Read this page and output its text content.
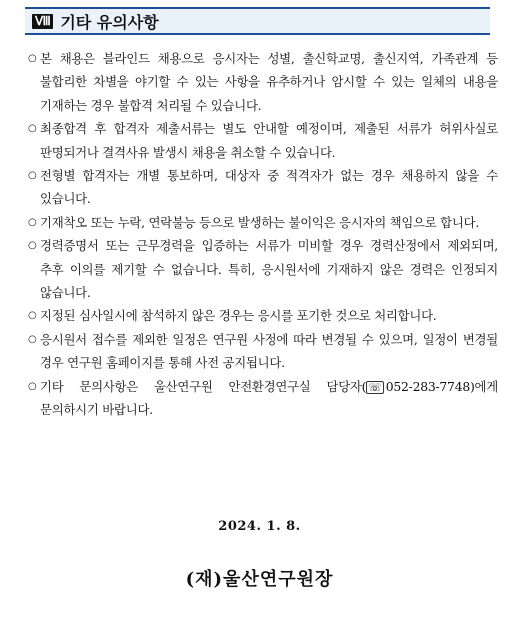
Ⅷ 기타 유의사항
○ 본 채용은 블라인드 채용으로 응시자는 성별, 출신학교명, 출신지역, 가족관계 등 불합리한 차별을 야기할 수 있는 사항을 유추하거나 암시할 수 있는 일체의 내용을 기재하는 경우 불합격 처리될 수 있습니다.
○ 최종합격 후 합격자 제출서류는 별도 안내할 예정이며, 제출된 서류가 허위사실로 판명되거나 결격사유 발생시 채용을 취소할 수 있습니다.
○ 전형별 합격자는 개별 통보하며, 대상자 중 적격자가 없는 경우 채용하지 않을 수 있습니다.
○ 기재착오 또는 누락, 연락불능 등으로 발생하는 불이익은 응시자의 책임으로 합니다.
○ 경력증명서 또는 근무경력을 입증하는 서류가 미비할 경우 경력산정에서 제외되며, 추후 이의를 제기할 수 없습니다. 특히, 응시원서에 기재하지 않은 경력은 인정되지 않습니다.
○ 지정된 심사일시에 참석하지 않은 경우는 응시를 포기한 것으로 처리합니다.
○ 응시원서 접수를 제외한 일정은 연구원 사정에 따라 변경될 수 있으며, 일정이 변경될 경우 연구원 홈페이지를 통해 사전 공지됩니다.
○ 기타 문의사항은 울산연구원 안전환경연구실 담당자( ☏ 052-283-7748)에게 문의하시기 바랍니다.
2024. 1. 8.
(재)울산연구원장
